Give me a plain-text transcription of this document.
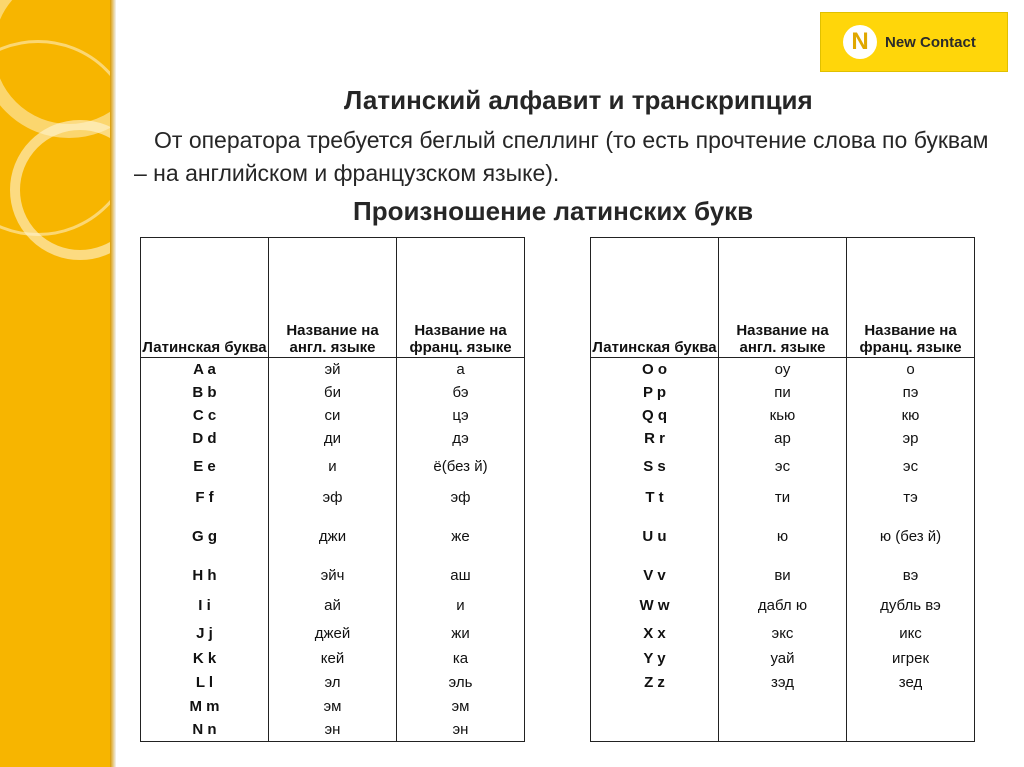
N	New Contact
Латинский алфавит и транскрипция
От оператора требуется беглый спеллинг (то есть прочтение слова по буквам – на английском и французском языке).
Произношение латинских букв
Латинская буква	Название на англ. языке	Название на франц. языке
A a	эй	а
B b	би	бэ
C c	си	цэ
D d	ди	дэ
E e	и	ё(без й)
F f	эф	эф
G g	джи	же
H h	эйч	аш
I i	ай	и
J j	джей	жи
K k	кей	ка
L l	эл	эль
M m	эм	эм
N n	эн	эн
Латинская буква	Название на англ. языке	Название на франц. языке
O o	оу	о
P p	пи	пэ
Q q	кью	кю
R r	ар	эр
S s	эс	эс
T t	ти	тэ
U u	ю	ю (без й)
V v	ви	вэ
W w	дабл ю	дубль вэ
X x	экс	икс
Y y	уай	игрек
Z z	зэд	зед
